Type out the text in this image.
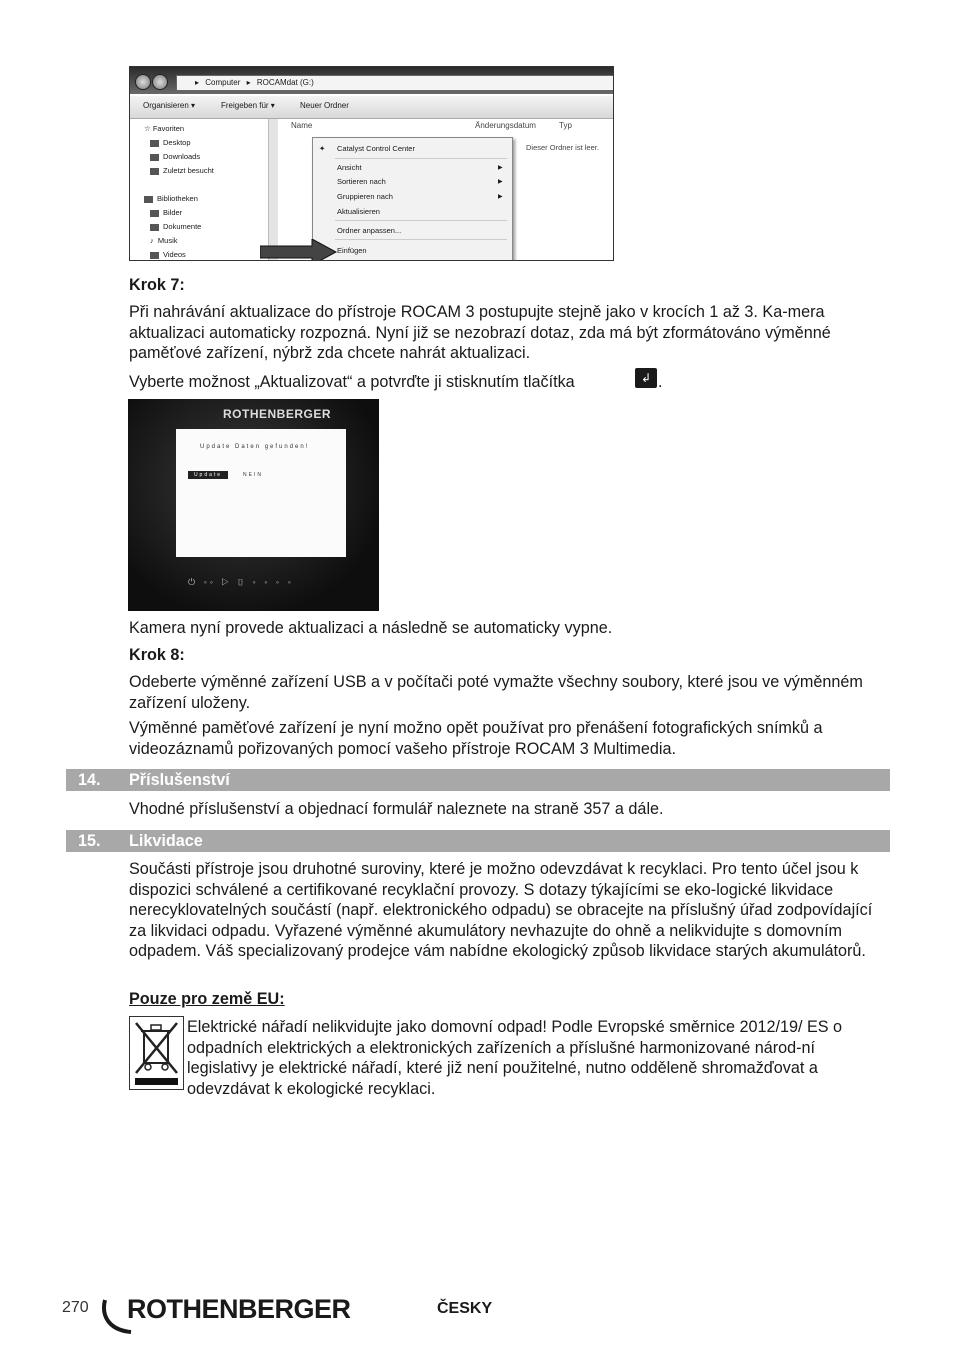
▸ Computer ▸ ROCAMdat (G:)
Organisieren ▾	Freigeben für ▾	Neuer Ordner
☆ Favoriten
Desktop
Downloads
Zuletzt besucht
Bibliotheken
Bilder
Dokumente
♪ Musik
Videos
Name	Änderungsdatum	Typ
Dieser Ordner ist leer.
✦ Catalyst Control Center
Ansicht	▶
Sortieren nach	▶
Gruppieren nach	▶
Aktualisieren
Ordner anpassen...
Einfügen

Krok 7:

Při nahrávání aktualizace do přístroje ROCAM 3 postupujte stejně jako v krocích 1 až 3. Ka-mera aktualizaci automaticky rozpozná. Nyní již se nezobrazí dotaz, zda má být zformátováno výměnné paměťové zařízení, nýbrž zda chcete nahrát aktualizaci.

Vyberte možnost „Aktualizovat“ a potvrďte ji stisknutím tlačítka	↲ .
ROTHENBERGER
Update Daten gefunden!
Update	NEIN
⏻ ◦◦ ▷ ▯ ◦ ◦ ◦ ◦

Kamera nyní provede aktualizaci a následně se automaticky vypne.

Krok 8:

Odeberte výměnné zařízení USB a v počítači poté vymažte všechny soubory, které jsou ve výměnném zařízení uloženy.

Výměnné paměťové zařízení je nyní možno opět používat pro přenášení fotografických snímků a videozáznamů pořizovaných pomocí vašeho přístroje ROCAM 3 Multimedia.

14. Příslušenství

Vhodné příslušenství a objednací formulář naleznete na straně 357 a dále.

15. Likvidace

Součásti přístroje jsou druhotné suroviny, které je možno odevzdávat k recyklaci. Pro tento účel jsou k dispozici schválené a certifikované recyklační provozy. S dotazy týkajícími se eko-logické likvidace nerecyklovatelných součástí (např. elektronického odpadu) se obracejte na příslušný úřad zodpovídající za likvidaci odpadu. Vyřazené výměnné akumulátory nevhazujte do ohně a nelikvidujte s domovním odpadem. Váš specializovaný prodejce vám nabídne ekologický způsob likvidace starých akumulátorů.

Pouze pro země EU:

Elektrické nářadí nelikvidujte jako domovní odpad! Podle Evropské směrnice 2012/19/ ES o odpadních elektrických a elektronických zařízeních a příslušné harmonizované národ-ní legislativy je elektrické nářadí, které již není použitelné, nutno odděleně shromažďovat a odevzdávat k ekologické recyklaci.

270	ROTHENBERGER	ČESKY
